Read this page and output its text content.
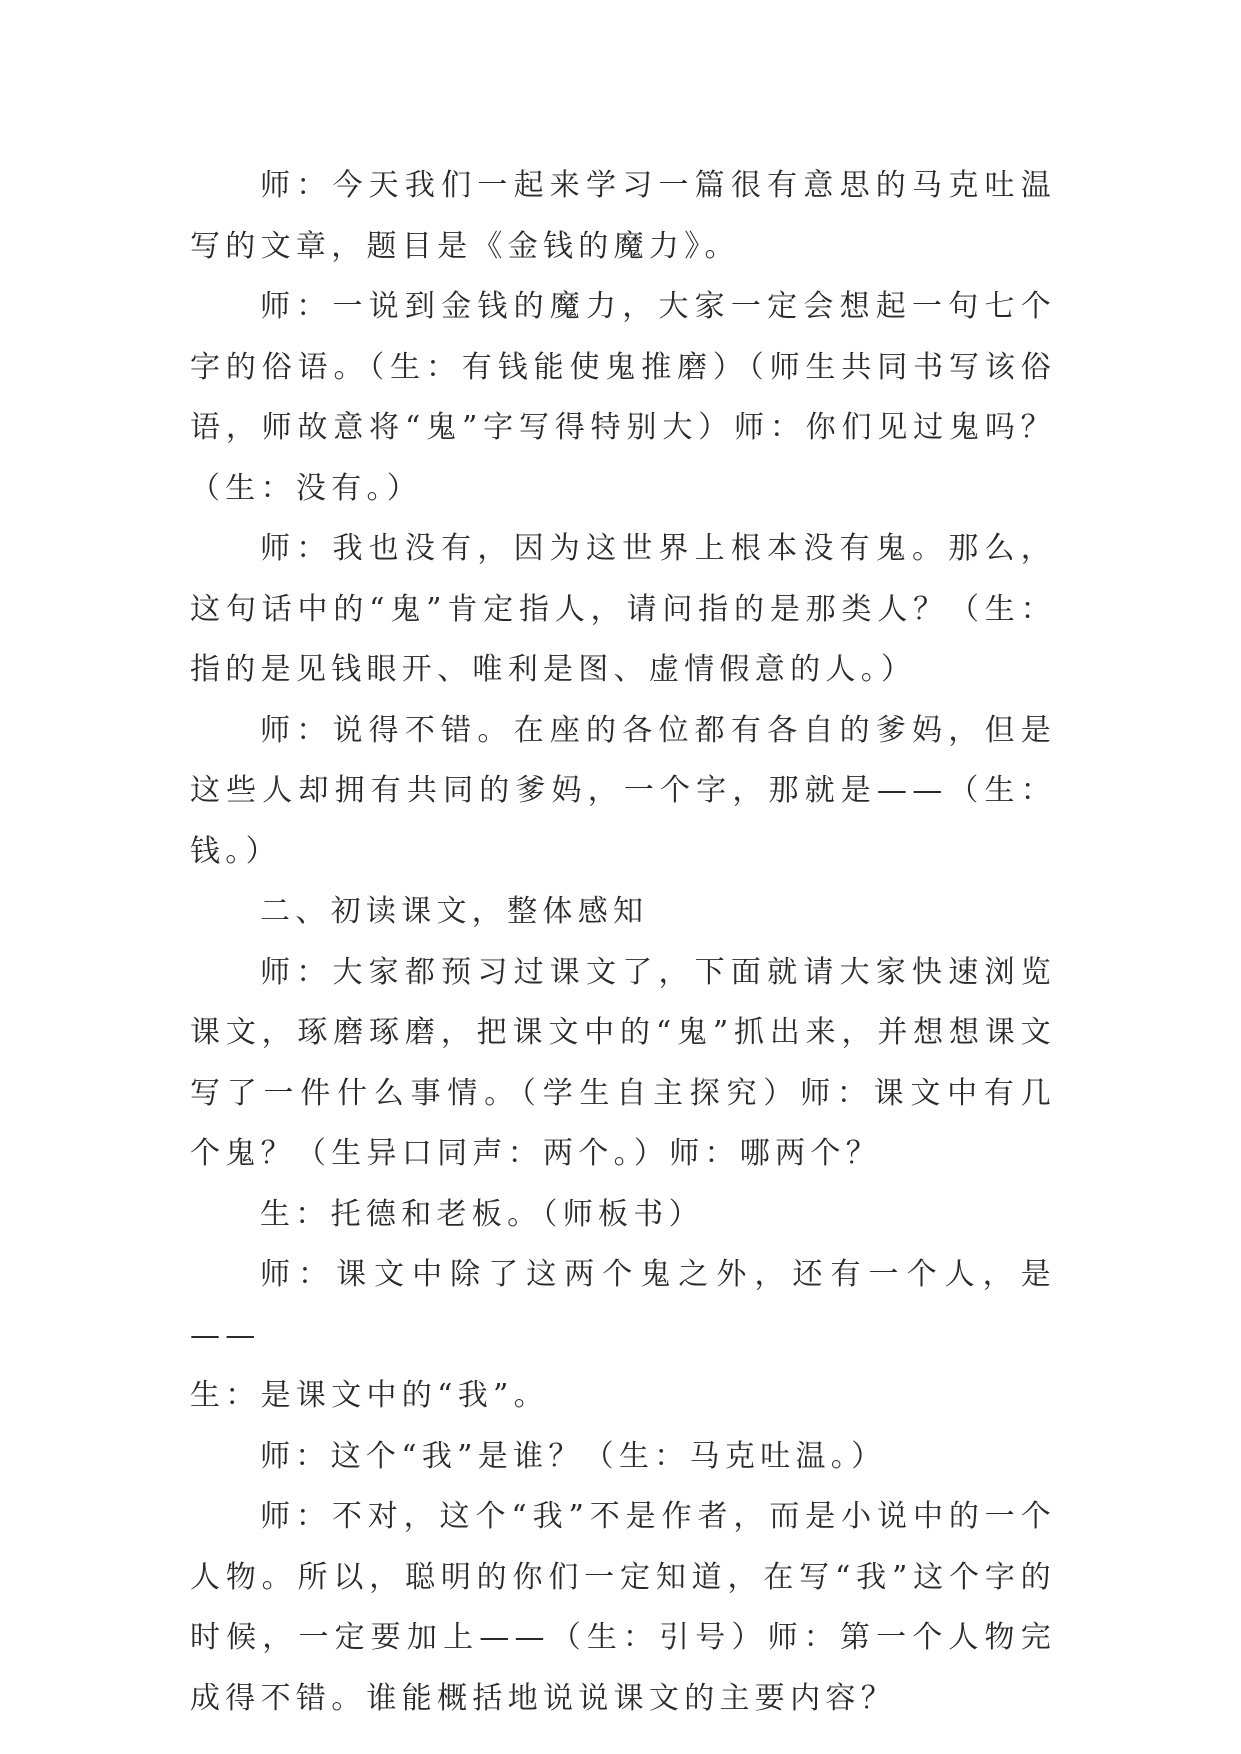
师：今天我们一起来学习一篇很有意思的马克吐温写的文章，题目是《金钱的魔力》。

师：一说到金钱的魔力，大家一定会想起一句七个字的俗语。（生：有钱能使鬼推磨）（师生共同书写该俗语，师故意将“鬼”字写得特别大）师：你们见过鬼吗？（生：没有。）

师：我也没有，因为这世界上根本没有鬼。那么，这句话中的“鬼”肯定指人，请问指的是那类人？（生：指的是见钱眼开、唯利是图、虚情假意的人。）

师：说得不错。在座的各位都有各自的爹妈，但是这些人却拥有共同的爹妈，一个字，那就是——（生：钱。）

二、初读课文，整体感知

师：大家都预习过课文了，下面就请大家快速浏览课文，琢磨琢磨，把课文中的“鬼”抓出来，并想想课文写了一件什么事情。（学生自主探究）师：课文中有几个鬼？（生异口同声：两个。）师：哪两个？

生：托德和老板。（师板书）

师：课文中除了这两个鬼之外，还有一个人，是——

生：是课文中的“我”。

师：这个“我”是谁？（生：马克吐温。）

师：不对，这个“我”不是作者，而是小说中的一个人物。所以，聪明的你们一定知道，在写“我”这个字的时候，一定要加上——（生：引号）师：第一个人物完成得不错。谁能概括地说说课文的主要内容？
